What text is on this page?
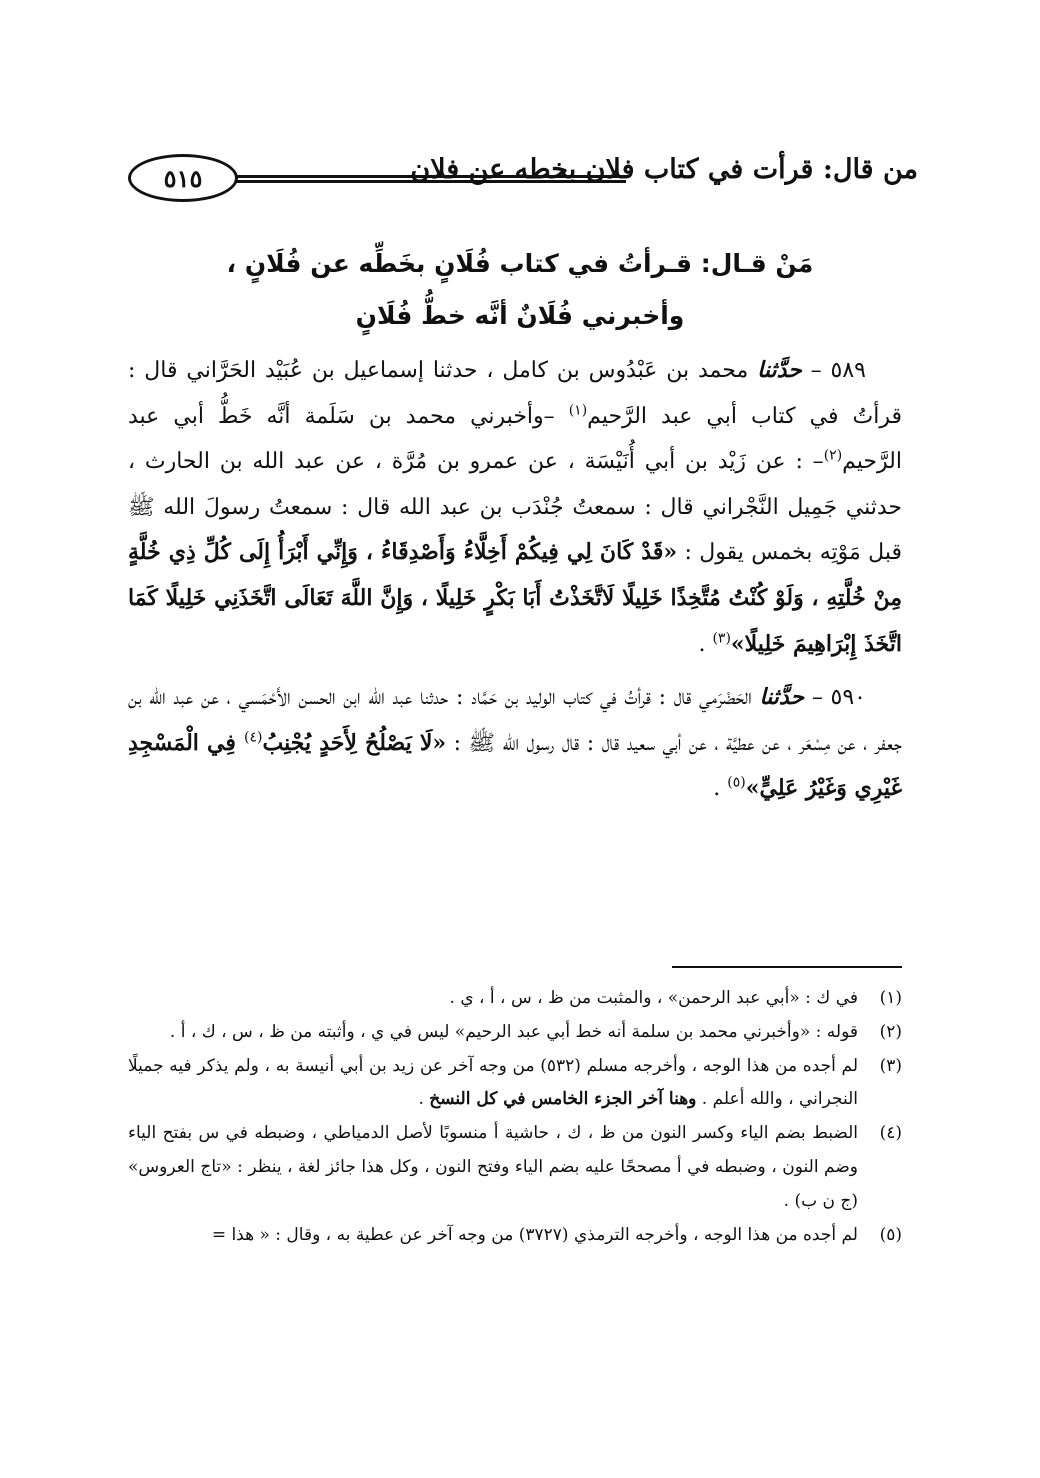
٥١٥	من قال: قرأت في كتاب فلان بخطه عن فلان
مَنْ قـال: قـرأتُ في كتاب فُلَانٍ بخَطِّه عن فُلَانٍ ،
وأخبرني فُلَانٌ أنَّه خطُّ فُلَانٍ

٥٨٩ – حدَّثنا محمد بن عَبْدُوس بن كامل ، حدثنا إسماعيل بن عُبَيْد الحَرَّاني قال : قرأتُ في كتاب أبي عبد الرَّحيم$^{(١)}$ –وأخبرني محمد بن سَلَمة أنَّه خَطُّ أبي عبد الرَّحيم$^{(٢)}$– : عن زَيْد بن أبي أُنَيْسَة ، عن عمرو بن مُرَّة ، عن عبد الله بن الحارث ، حدثني جَمِيل النَّجْراني قال : سمعتُ جُنْدَب بن عبد الله قال : سمعتُ رسولَ الله ﷺ قبل مَوْتِه بخمس يقول : «قَدْ كَانَ لِي فِيكُمْ أَخِلَّاءُ وَأَصْدِقَاءُ ، وَإِنِّي أَبْرَأُ إِلَى كُلِّ ذِي خُلَّةٍ مِنْ خُلَّتِهِ ، وَلَوْ كُنْتُ مُتَّخِذًا خَلِيلًا لَاتَّخَذْتُ أَبَا بَكْرٍ خَلِيلًا ، وَإِنَّ اللَّهَ تَعَالَى اتَّخَذَنِي خَلِيلًا كَمَا اتَّخَذَ إِبْرَاهِيمَ خَلِيلًا»$^{(٣)}$ .

٥٩٠ – حدَّثنا الحَضْرَمي قال : قرأتُ في كتاب الوليد بن حَمَّاد : حدثنا عبد الله ابن الحسن الأَحْمَسي ، عن عبد الله بن جعفر ، عن مِسْعَر ، عن عطيَّة ، عن أبي سعيد قال : قال رسول الله ﷺ : «لَا يَصْلُحُ لِأَحَدٍ يُجْنِبُ$^{(٤)}$ فِي الْمَسْجِدِ غَيْرِي وَغَيْرُ عَلِيٍّ»$^{(٥)}$ .

(١)في ك : «أبي عبد الرحمن» ، والمثبت من ظ ، س ، أ ، ي .

(٢)قوله : «وأخبرني محمد بن سلمة أنه خط أبي عبد الرحيم» ليس في ي ، وأثبته من ظ ، س ، ك ، أ .

(٣)لم أجده من هذا الوجه ، وأخرجه مسلم (٥٣٢) من وجه آخر عن زيد بن أبي أنيسة به ، ولم يذكر فيه جميلًا النجراني ، والله أعلم . وهنا آخر الجزء الخامس في كل النسخ .

(٤)الضبط بضم الياء وكسر النون من ظ ، ك ، حاشية أ منسوبًا لأصل الدمياطي ، وضبطه في س بفتح الياء وضم النون ، وضبطه في أ مصححًا عليه بضم الياء وفتح النون ، وكل هذا جائز لغة ، ينظر : «تاج العروس» (ج ن ب) .

(٥)لم أجده من هذا الوجه ، وأخرجه الترمذي (٣٧٢٧) من وجه آخر عن عطية به ، وقال : « هذا =
